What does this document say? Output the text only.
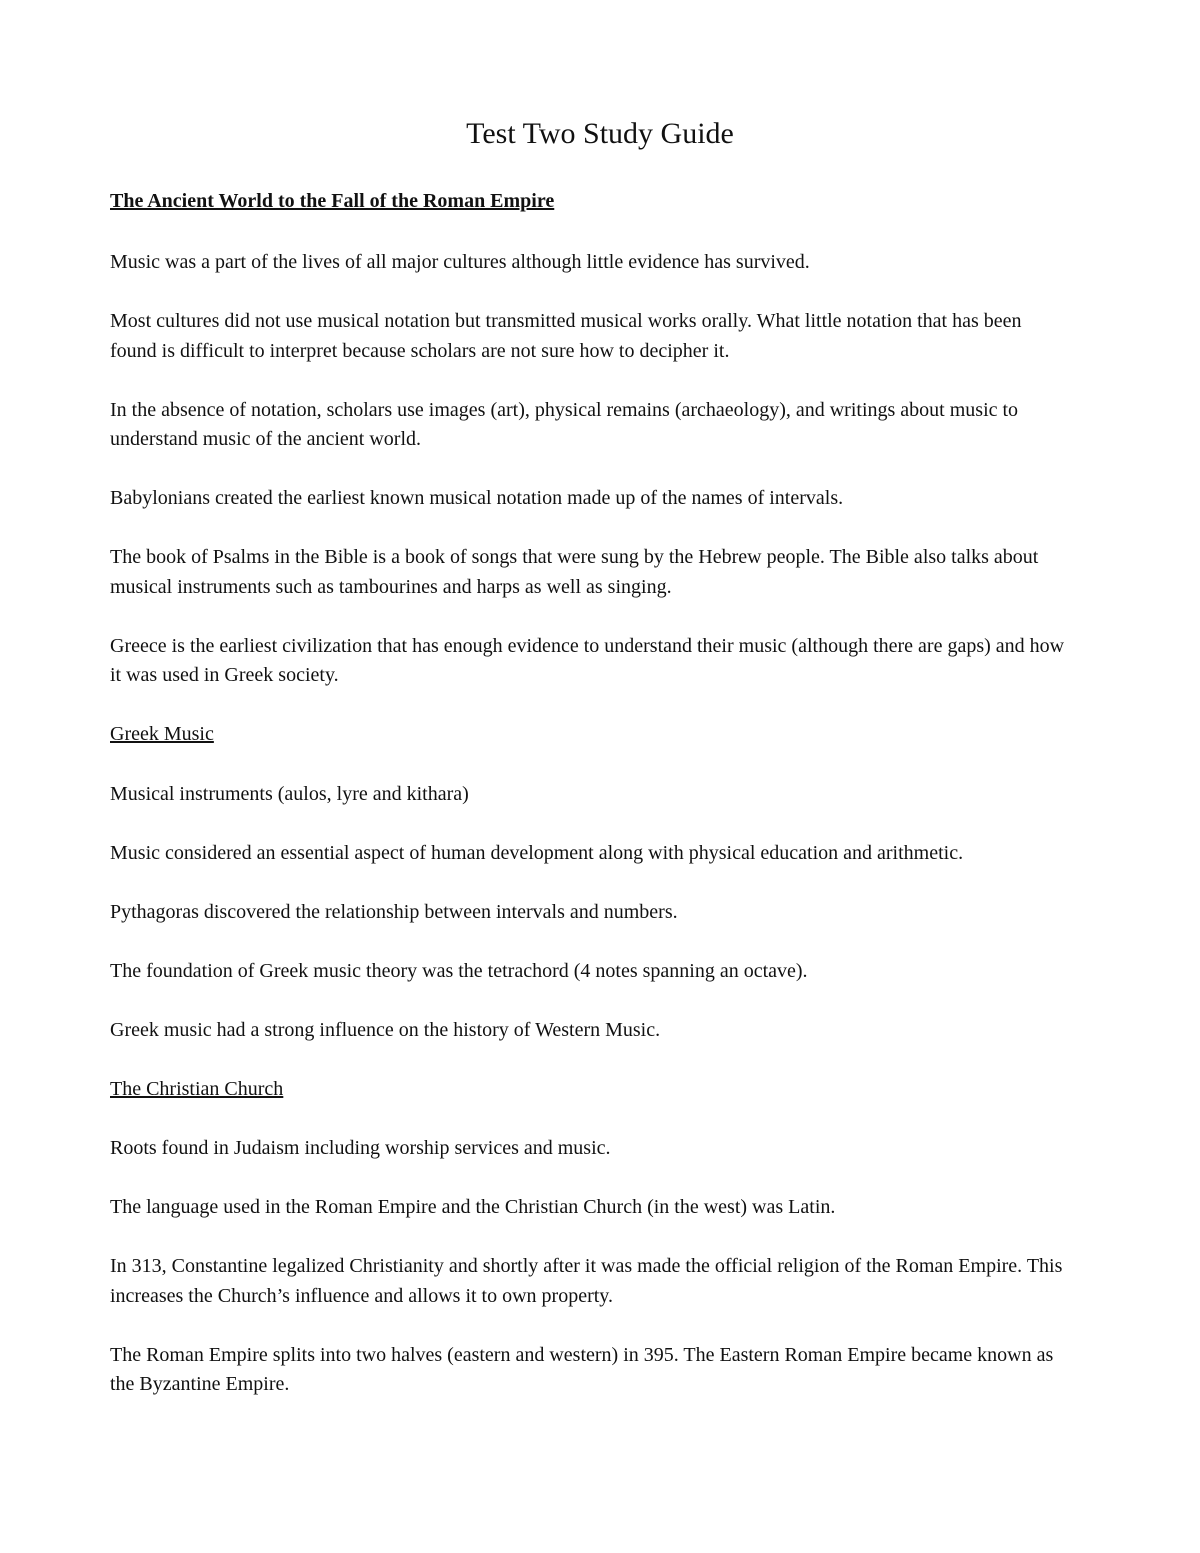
Test Two Study Guide
The Ancient World to the Fall of the Roman Empire

Music was a part of the lives of all major cultures although little evidence has survived.

Most cultures did not use musical notation but transmitted musical works orally. What little notation that has been found is difficult to interpret because scholars are not sure how to decipher it.

In the absence of notation, scholars use images (art), physical remains (archaeology), and writings about music to understand music of the ancient world.

Babylonians created the earliest known musical notation made up of the names of intervals.

The book of Psalms in the Bible is a book of songs that were sung by the Hebrew people. The Bible also talks about musical instruments such as tambourines and harps as well as singing.

Greece is the earliest civilization that has enough evidence to understand their music (although there are gaps) and how it was used in Greek society.

Greek Music

Musical instruments (aulos, lyre and kithara)

Music considered an essential aspect of human development along with physical education and arithmetic.

Pythagoras discovered the relationship between intervals and numbers.

The foundation of Greek music theory was the tetrachord (4 notes spanning an octave).

Greek music had a strong influence on the history of Western Music.

The Christian Church

Roots found in Judaism including worship services and music.

The language used in the Roman Empire and the Christian Church (in the west) was Latin.

In 313, Constantine legalized Christianity and shortly after it was made the official religion of the Roman Empire. This increases the Church’s influence and allows it to own property.

The Roman Empire splits into two halves (eastern and western) in 395. The Eastern Roman Empire became known as the Byzantine Empire.
